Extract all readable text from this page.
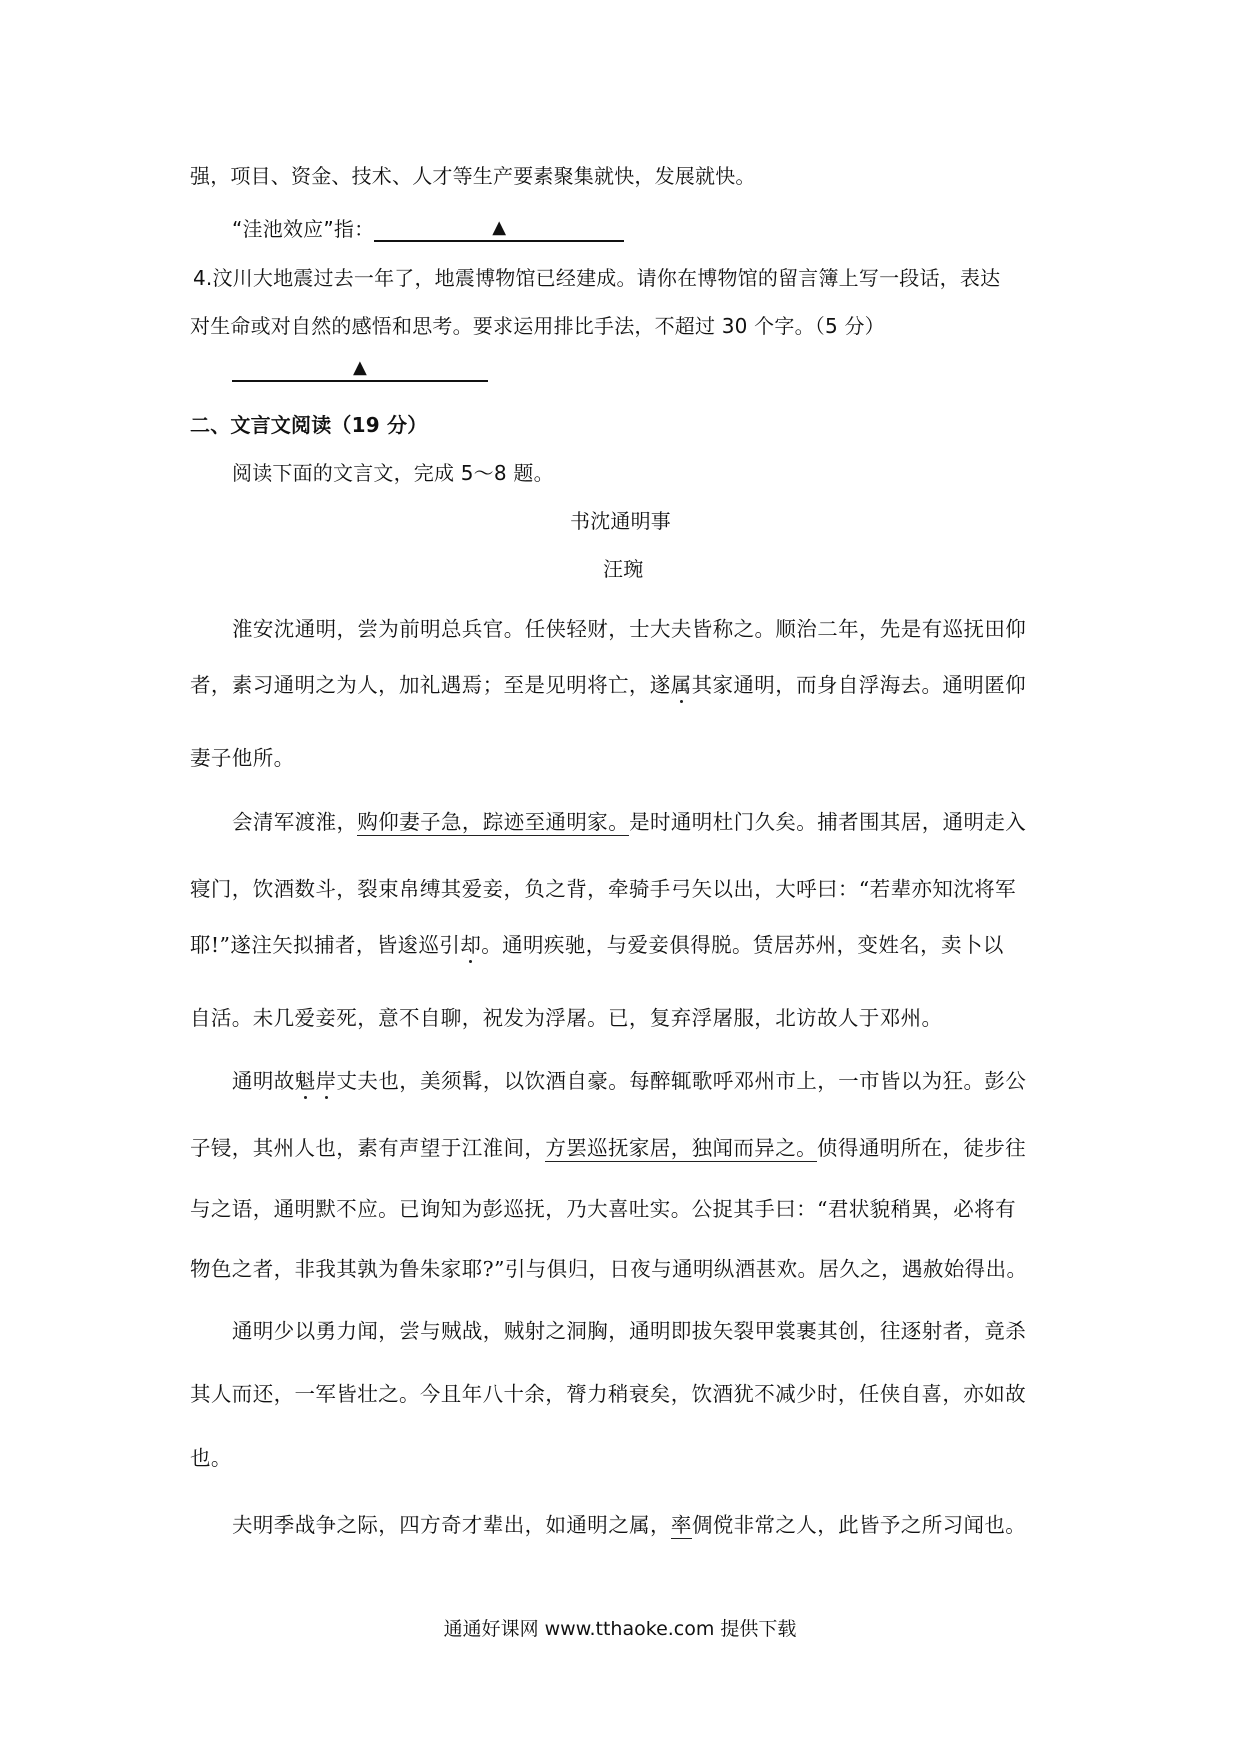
强，项目、资金、技术、人才等生产要素聚集就快，发展就快。
“洼池效应”指：	▲
4.汶川大地震过去一年了，地震博物馆已经建成。请你在博物馆的留言簿上写一段话，表达
对生命或对自然的感悟和思考。要求运用排比手法，不超过 30 个字。（5 分）
▲
二、文言文阅读（19 分）
阅读下面的文言文，完成 5～8 题。
书沈通明事
汪琬
淮安沈通明，尝为前明总兵官。任侠轻财，士大夫皆称之。顺治二年，先是有巡抚田仰
者，素习通明之为人，加礼遇焉；至是见明将亡，遂属其家通明，而身自浮海去。通明匿仰
妻子他所。
会清军渡淮，购仰妻子急，踪迹至通明家。是时通明杜门久矣。捕者围其居，通明走入
寝门，饮酒数斗，裂束帛缚其爱妾，负之背，牵骑手弓矢以出，大呼曰：“若辈亦知沈将军
耶!”遂注矢拟捕者，皆逡巡引却。通明疾驰，与爱妾俱得脱。赁居苏州，变姓名，卖卜以
自活。未几爱妾死，意不自聊，祝发为浮屠。已，复弃浮屠服，北访故人于邓州。
通明故魁岸丈夫也，美须髯，以饮酒自豪。每醉辄歌呼邓州市上，一市皆以为狂。彭公
子锓，其州人也，素有声望于江淮间，方罢巡抚家居，独闻而异之。侦得通明所在，徒步往
与之语，通明默不应。已询知为彭巡抚，乃大喜吐实。公捉其手曰：“君状貌稍異，必将有
物色之者，非我其孰为鲁朱家耶?”引与俱归，日夜与通明纵酒甚欢。居久之，遇赦始得出。
通明少以勇力闻，尝与贼战，贼射之洞胸，通明即拔矢裂甲裳裹其创，往逐射者，竟杀
其人而还，一军皆壮之。今且年八十余，膂力稍衰矣，饮酒犹不减少时，任侠自喜，亦如故
也。
夫明季战争之际，四方奇才辈出，如通明之属，率倜傥非常之人，此皆予之所习闻也。
通通好课网 www.tthaoke.com 提供下载
